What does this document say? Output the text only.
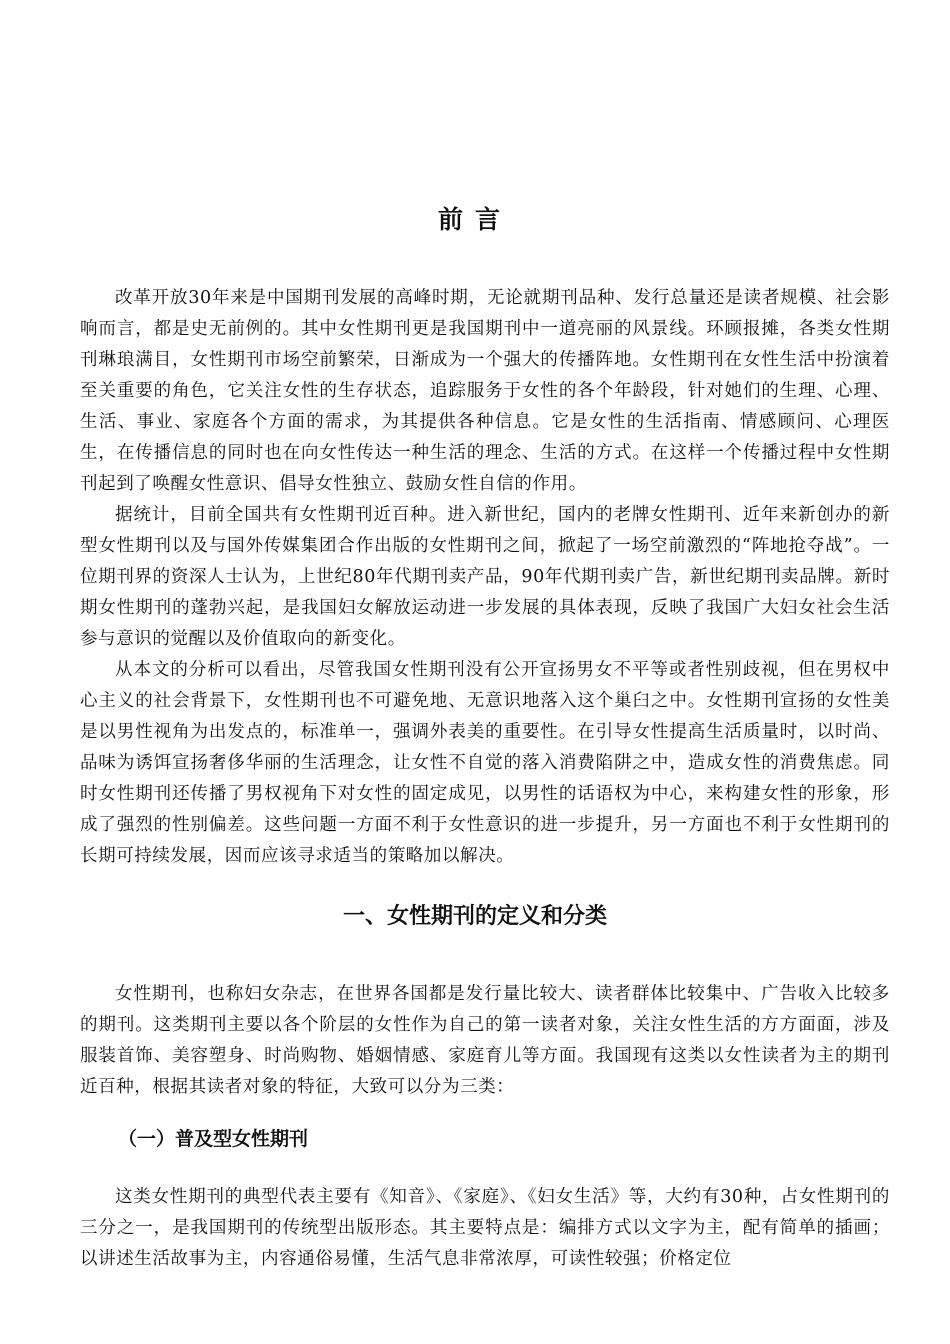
前言

改革开放30年来是中国期刊发展的高峰时期，无论就期刊品种、发行总量还是读者规模、社会影响而言，都是史无前例的。其中女性期刊更是我国期刊中一道亮丽的风景线。环顾报摊，各类女性期刊琳琅满目，女性期刊市场空前繁荣，日渐成为一个强大的传播阵地。女性期刊在女性生活中扮演着至关重要的角色，它关注女性的生存状态，追踪服务于女性的各个年龄段，针对她们的生理、心理、生活、事业、家庭各个方面的需求，为其提供各种信息。它是女性的生活指南、情感顾问、心理医生，在传播信息的同时也在向女性传达一种生活的理念、生活的方式。在这样一个传播过程中女性期刊起到了唤醒女性意识、倡导女性独立、鼓励女性自信的作用。

据统计，目前全国共有女性期刊近百种。进入新世纪，国内的老牌女性期刊、近年来新创办的新型女性期刊以及与国外传媒集团合作出版的女性期刊之间，掀起了一场空前激烈的“阵地抢夺战”。一位期刊界的资深人士认为，上世纪80年代期刊卖产品，90年代期刊卖广告，新世纪期刊卖品牌。新时期女性期刊的蓬勃兴起，是我国妇女解放运动进一步发展的具体表现，反映了我国广大妇女社会生活参与意识的觉醒以及价值取向的新变化。

从本文的分析可以看出，尽管我国女性期刊没有公开宣扬男女不平等或者性别歧视，但在男权中心主义的社会背景下，女性期刊也不可避免地、无意识地落入这个巢臼之中。女性期刊宣扬的女性美是以男性视角为出发点的，标准单一，强调外表美的重要性。在引导女性提高生活质量时，以时尚、品味为诱饵宣扬奢侈华丽的生活理念，让女性不自觉的落入消费陷阱之中，造成女性的消费焦虑。同时女性期刊还传播了男权视角下对女性的固定成见，以男性的话语权为中心，来构建女性的形象，形成了强烈的性别偏差。这些问题一方面不利于女性意识的进一步提升，另一方面也不利于女性期刊的长期可持续发展，因而应该寻求适当的策略加以解决。

一、女性期刊的定义和分类

女性期刊，也称妇女杂志，在世界各国都是发行量比较大、读者群体比较集中、广告收入比较多的期刊。这类期刊主要以各个阶层的女性作为自己的第一读者对象，关注女性生活的方方面面，涉及服装首饰、美容塑身、时尚购物、婚姻情感、家庭育儿等方面。我国现有这类以女性读者为主的期刊近百种，根据其读者对象的特征，大致可以分为三类：

（一）普及型女性期刊

这类女性期刊的典型代表主要有《知音》、《家庭》、《妇女生活》等，大约有30种，占女性期刊的三分之一，是我国期刊的传统型出版形态。其主要特点是：编排方式以文字为主，配有简单的插画；以讲述生活故事为主，内容通俗易懂，生活气息非常浓厚，可读性较强；价格定位
